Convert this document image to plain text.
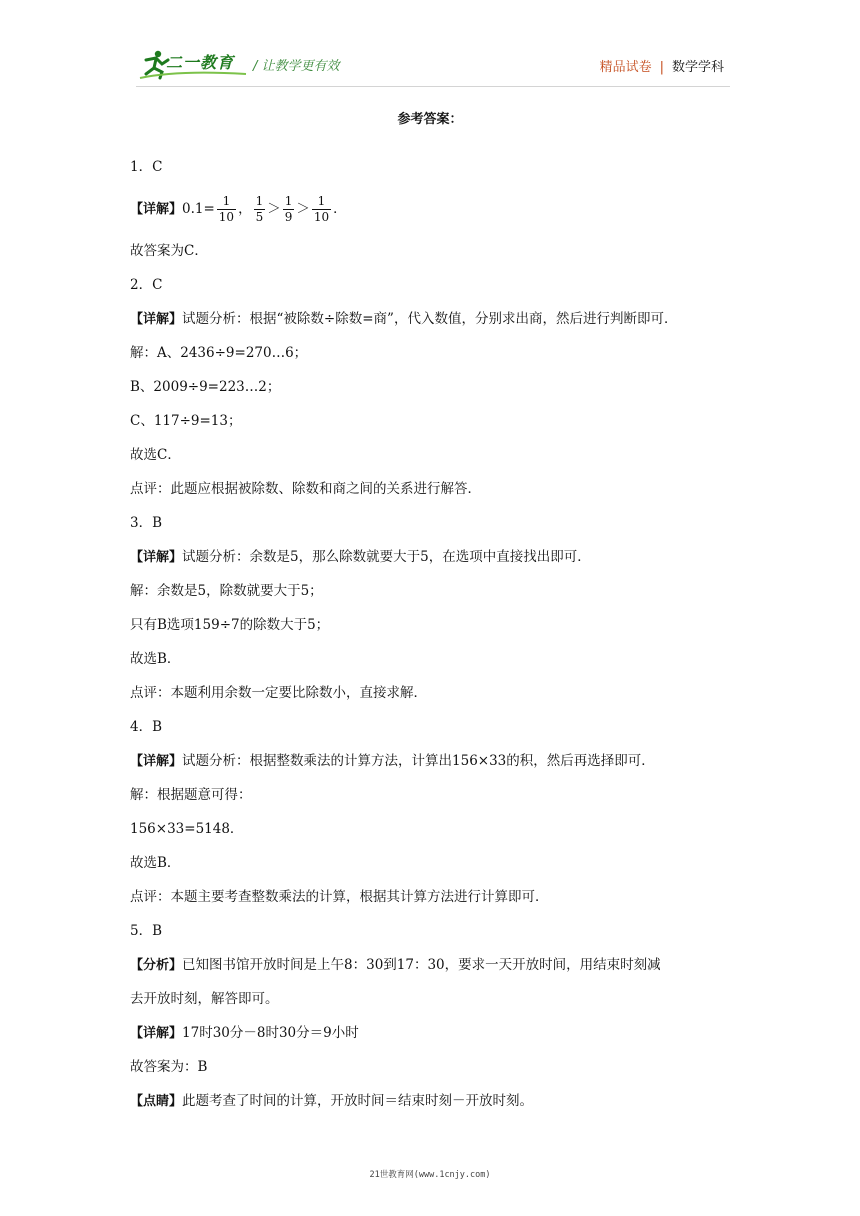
二一教育 / 让教学更有效	精品试卷 | 数学学科
参考答案：
1．C
【详解】$0.1= \frac{1}{10}$ ， $\frac{1}{5} > \frac{1}{9} > \frac{1}{10}$ ．
故答案为C．
2．C
【详解】试题分析：根据“被除数÷除数=商”，代入数值，分别求出商，然后进行判断即可．
解：A、2436÷9=270…6；
B、2009÷9=223…2；
C、117÷9=13；
故选C．
点评：此题应根据被除数、除数和商之间的关系进行解答．
3．B
【详解】试题分析：余数是5，那么除数就要大于5，在选项中直接找出即可．
解：余数是5，除数就要大于5；
只有B选项159÷7的除数大于5；
故选B．
点评：本题利用余数一定要比除数小，直接求解．
4．B
【详解】试题分析：根据整数乘法的计算方法，计算出156×33的积，然后再选择即可．
解：根据题意可得：
156×33=5148．
故选B．
点评：本题主要考查整数乘法的计算，根据其计算方法进行计算即可．
5．B
【分析】已知图书馆开放时间是上午8：30到17：30，要求一天开放时间，用结束时刻减
去开放时刻，解答即可。
【详解】17时30分－8时30分＝9小时
故答案为：B
【点睛】此题考查了时间的计算，开放时间＝结束时刻－开放时刻。
21世教育网(www.1cnjy.com)
